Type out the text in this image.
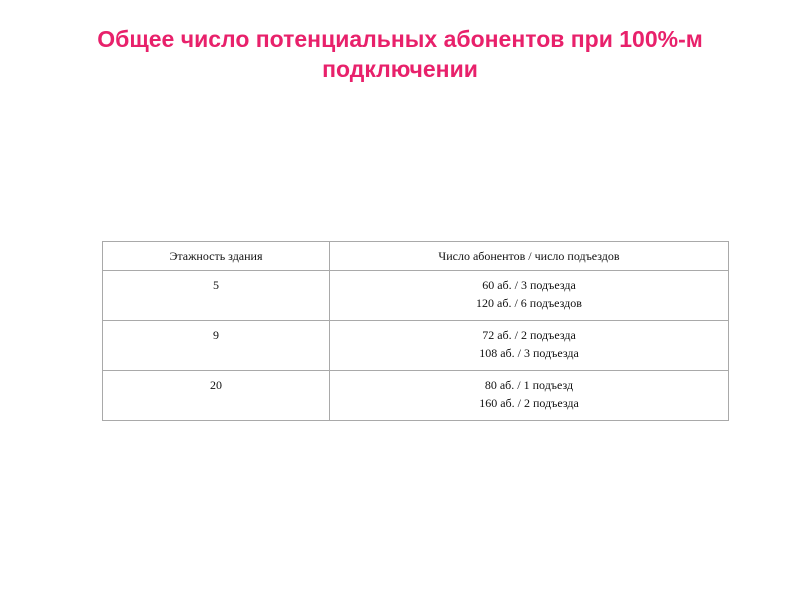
Общее число потенциальных абонентов при 100%-м
подключении
Этажность здания	Число абонентов / число подъездов
5	60 аб. / 3 подъезда
120 аб. / 6 подъездов

9	72 аб. / 2 подъезда
108 аб. / 3 подъезда

20	80 аб. / 1 подъезд
160 аб. / 2 подъезда
